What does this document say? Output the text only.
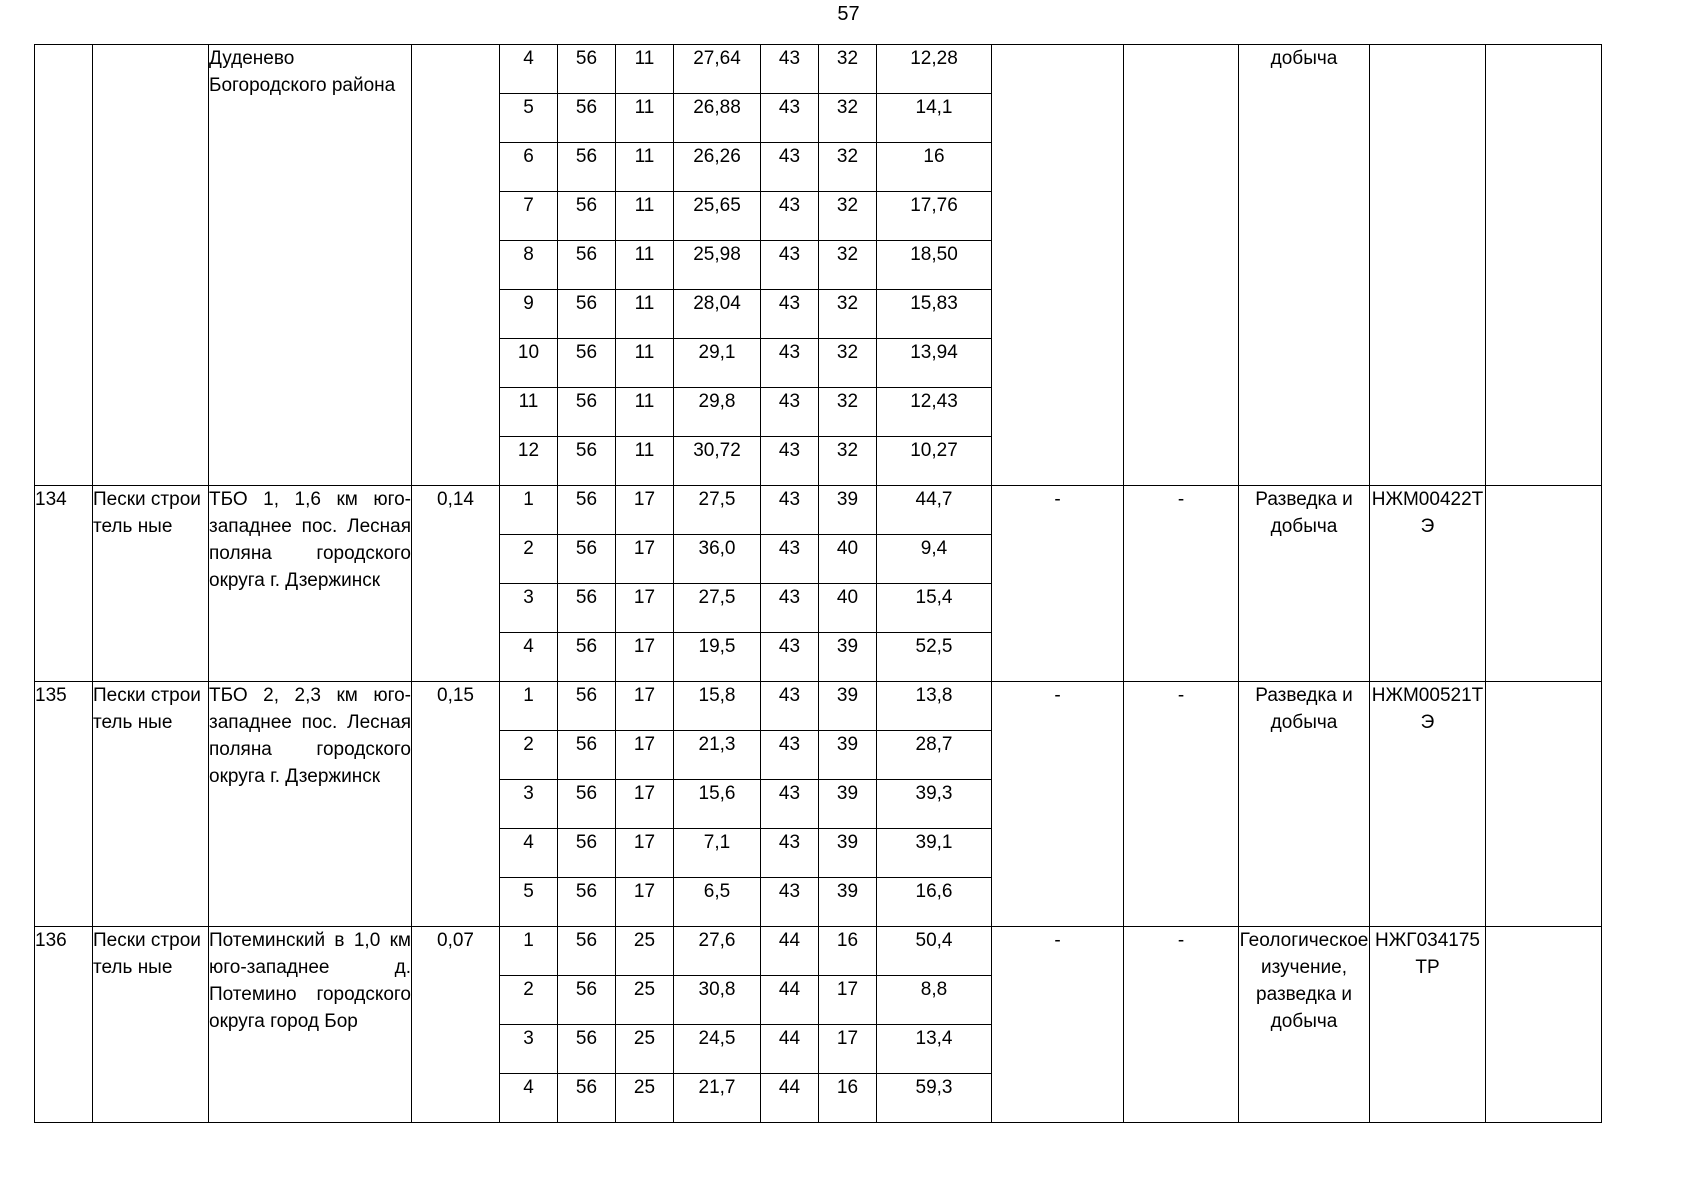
57
		Дуденево Богородского района		4	56	11	27,64	43	32	12,28			добыча		
				5	56	11	26,88	43	32	14,1					
				6	56	11	26,26	43	32	16					
				7	56	11	25,65	43	32	17,76					
				8	56	11	25,98	43	32	18,50					
				9	56	11	28,04	43	32	15,83					
				10	56	11	29,1	43	32	13,94					
				11	56	11	29,8	43	32	12,43					
				12	56	11	30,72	43	32	10,27					
134	Пески строитель ные	ТБО 1, 1,6 км юго-западнее пос. Лесная поляна городского округа г. Дзержинск	0,14	1	56	17	27,5	43	39	44,7	-	-	Разведка и добыча	НЖМ00422ТЭ	
				2	56	17	36,0	43	40	9,4					
				3	56	17	27,5	43	40	15,4					
				4	56	17	19,5	43	39	52,5					
135	Пески строитель ные	ТБО 2, 2,3 км юго-западнее пос. Лесная поляна городского округа г. Дзержинск	0,15	1	56	17	15,8	43	39	13,8	-	-	Разведка и добыча	НЖМ00521ТЭ	
				2	56	17	21,3	43	39	28,7					
				3	56	17	15,6	43	39	39,3					
				4	56	17	7,1	43	39	39,1					
				5	56	17	6,5	43	39	16,6					
136	Пески строитель ные	Потеминский в 1,0 км юго-западнее д. Потемино городского округа город Бор	0,07	1	56	25	27,6	44	16	50,4	-	-	Геологическое изучение, разведка и добыча	НЖГ034175ТР	
				2	56	25	30,8	44	17	8,8					
				3	56	25	24,5	44	17	13,4					
				4	56	25	21,7	44	16	59,3					
